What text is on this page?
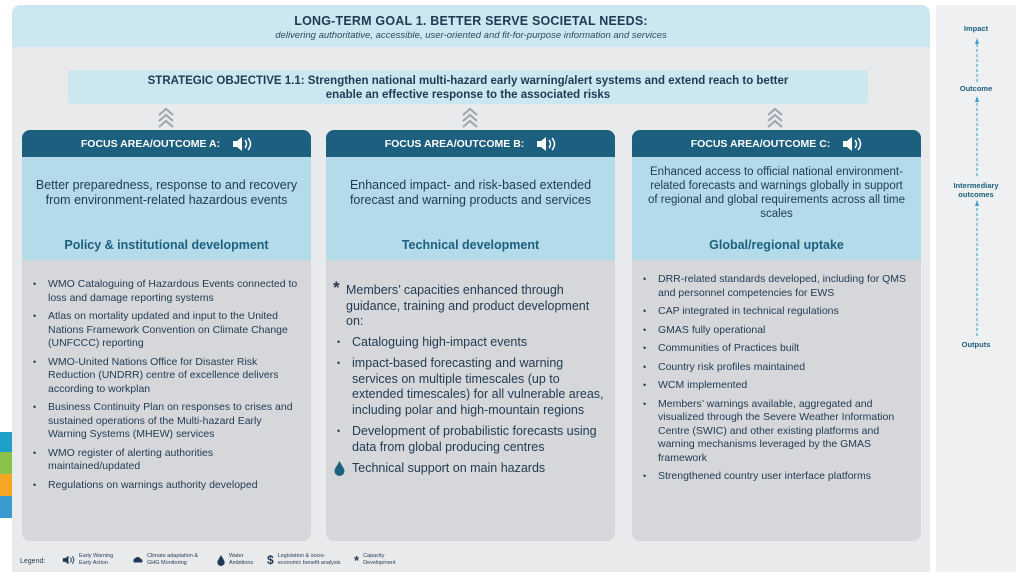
LONG-TERM GOAL 1. BETTER SERVE SOCIETAL NEEDS:
delivering authoritative, accessible, user-oriented and fit-for-purpose information and services
STRATEGIC OBJECTIVE 1.1: Strengthen national multi-hazard early warning/alert systems and extend reach to better
enable an effective response to the associated risks
FOCUS AREA/OUTCOME A:
Better preparedness, response to and recovery from environment-related hazardous events
Policy & institutional development
FOCUS AREA/OUTCOME B:
Enhanced impact- and risk-based extended forecast and warning products and services
Technical development
FOCUS AREA/OUTCOME C:
Enhanced access to official national environment-related forecasts and warnings globally in support of regional and global requirements across all time scales
Global/regional uptake
• WMO Cataloguing of Hazardous Events connected to loss and damage reporting systems
• Atlas on mortality updated and input to the United Nations Framework Convention on Climate Change (UNFCCC) reporting
• WMO-United Nations Office for Disaster Risk Reduction (UNDRR) centre of excellence delivers according to workplan
• Business Continuity Plan on responses to crises and sustained operations of the Multi-hazard Early Warning Systems (MHEW) services
• WMO register of alerting authorities maintained/updated
• Regulations on warnings authority developed
* Members’ capacities enhanced through guidance, training and product development on:
• Cataloguing high-impact events
• impact-based forecasting and warning services on multiple timescales (up to extended timescales) for all vulnerable areas, including polar and high-mountain regions
• Development of probabilistic forecasts using data from global producing centres
Technical support on main hazards
• DRR-related standards developed, including for QMS and personnel competencies for EWS
• CAP integrated in technical regulations
• GMAS fully operational
• Communities of Practices built
• Country risk profiles maintained
• WCM implemented
• Members’ warnings available, aggregated and visualized through the Severe Weather Information Centre (SWIC) and other existing platforms and warning mechanisms leveraged by the GMAS framework
• Strengthened country user interface platforms
Impact
Outcome
Intermediary outcomes
Outputs
Legend:
Early Warning Early Action
Climate adaptation & GHG Monitoring
Water Ambitions	$ Legislation & socio-economic benefit analysis	* Capacity Development
